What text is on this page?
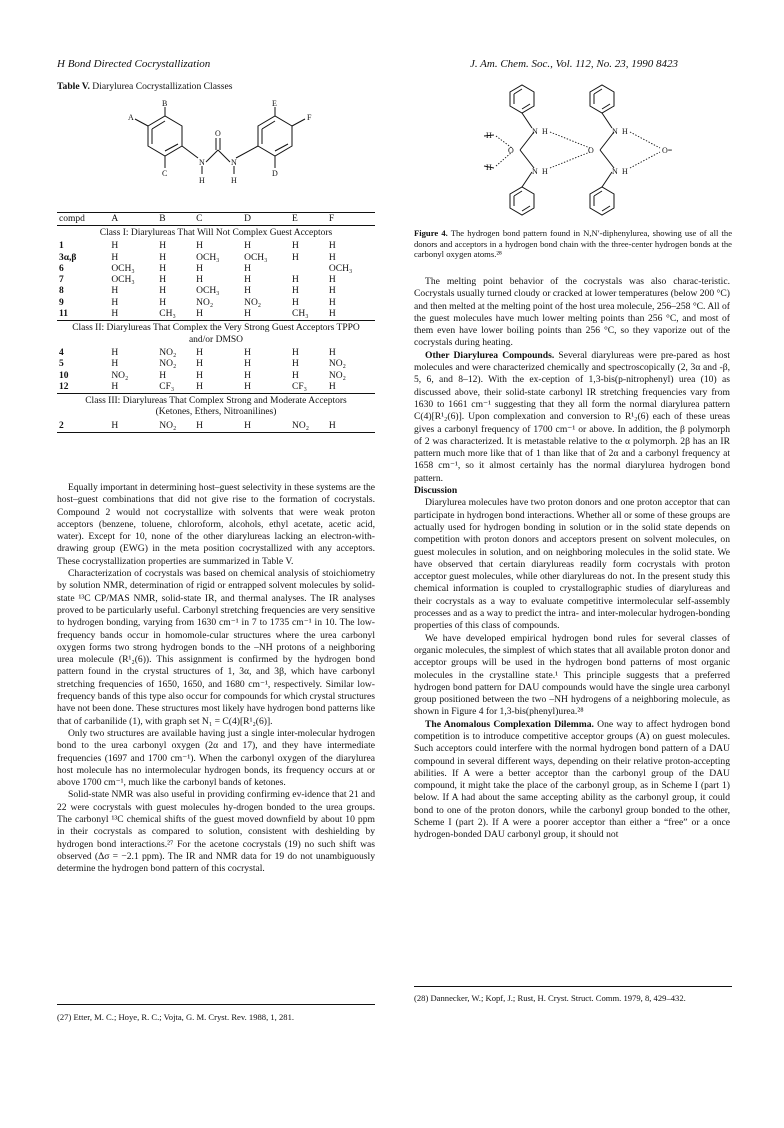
H Bond Directed Cocrystallization	J. Am. Chem. Soc., Vol. 112, No. 23, 1990 8423
Table V. Diarylurea Cocrystallization Classes
A
B
C
E
F
D
O
N	N
H	H
compd	A	B	C	D	E	F
Class I: Diarylureas That Will Not Complex Guest Acceptors						
1	H	H	H	H	H	H
3α,β	H	H	OCH₃	OCH₃	H	H
6	OCH₃	H	H	H		OCH₃
7	OCH₃	H	H	H	H	H
8	H	H	OCH₃	H	H	H
9	H	H	NO₂	NO₂	H	H
11	H	CH₃	H	H	CH₃	H
Class II: Diarylureas That Complex the Very Strong Guest Acceptors TPPO and/or DMSO						
4	H	NO₂	H	H	H	H
5	H	NO₂	H	H	H	NO₂
10	NO₂	H	H	H	H	NO₂
12	H	CF₃	H	H	CF₃	H
Class III: Diarylureas That Complex Strong and Moderate Acceptors (Ketones, Ethers, Nitroanilines)						
2	H	NO₂	H	H	NO₂	H
N H
N H
N H
N H
O	O	O=
H
H
Figure 4. The hydrogen bond pattern found in N,N′-diphenylurea, showing use of all the donors and acceptors in a hydrogen bond chain with the three-center hydrogen bonds at the carbonyl oxygen atoms.²⁸

Equally important in determining host–guest selectivity in these systems are the host–guest combinations that did not give rise to the formation of cocrystals. Compound 2 would not cocrystallize with solvents that were weak proton acceptors (benzene, toluene, chloroform, alcohols, ethyl acetate, acetic acid, water). Except for 10, none of the other diarylureas lacking an electron-with-drawing group (EWG) in the meta position cocrystallized with any acceptors. These cocrystallization properties are summarized in Table V.

Characterization of cocrystals was based on chemical analysis of stoichiometry by solution NMR, determination of rigid or entrapped solvent molecules by solid-state ¹³C CP/MAS NMR, solid-state IR, and thermal analyses. The IR analyses proved to be particularly useful. Carbonyl stretching frequencies are very sensitive to hydrogen bonding, varying from 1630 cm⁻¹ in 7 to 1735 cm⁻¹ in 10. The low-frequency bands occur in homomole-cular structures where the urea carbonyl oxygen forms two strong hydrogen bonds to the –NH protons of a neighboring urea molecule (R¹₂(6)). This assignment is confirmed by the hydrogen bond pattern found in the crystal structures of 1, 3α, and 3β, which have carbonyl stretching frequencies of 1650, 1650, and 1680 cm⁻¹, respectively. Similar low-frequency bands of this type also occur for compounds for which crystal structures have not been done. These structures most likely have hydrogen bond patterns like that of carbanilide (1), with graph set N₁ = C(4)[R¹₂(6)].

Only two structures are available having just a single inter-molecular hydrogen bond to the urea carbonyl oxygen (2α and 17), and they have intermediate frequencies (1697 and 1700 cm⁻¹). When the carbonyl oxygen of the diarylurea host molecule has no intermolecular hydrogen bonds, its frequency occurs at or above 1700 cm⁻¹, much like the carbonyl bands of ketones.

Solid-state NMR was also useful in providing confirming ev-idence that 21 and 22 were cocrystals with guest molecules hy-drogen bonded to the urea groups. The carbonyl ¹³C chemical shifts of the guest moved downfield by about 10 ppm in their cocrystals as compared to solution, consistent with deshielding by hydrogen bond interactions.²⁷ For the acetone cocrystals (19) no such shift was observed (Δσ = −2.1 ppm). The IR and NMR data for 19 do not unambiguously determine the hydrogen bond pattern of this cocrystal.

The melting point behavior of the cocrystals was also charac-teristic. Cocrystals usually turned cloudy or cracked at lower temperatures (below 200 °C) and then melted at the melting point of the host urea molecule, 256–258 °C. All of the guest molecules have much lower melting points than 256 °C, and most of them even have lower boiling points than 256 °C, so they vaporize out of the cocrystals during heating.

Other Diarylurea Compounds. Several diarylureas were pre-pared as host molecules and were characterized chemically and spectroscopically (2, 3α and -β, 5, 6, and 8–12). With the ex-ception of 1,3-bis(p-nitrophenyl) urea (10) as discussed above, their solid-state carbonyl IR stretching frequencies vary from 1630 to 1661 cm⁻¹ suggesting that they all form the normal diarylurea pattern C(4)[R¹₂(6)]. Upon complexation and conversion to R¹₂(6) each of these ureas gives a carbonyl frequency of 1700 cm⁻¹ or above. In addition, the β polymorph of 2 was characterized. It is metastable relative to the α polymorph. 2β has an IR pattern much more like that of 1 than like that of 2α and a carbonyl frequency at 1658 cm⁻¹, so it almost certainly has the normal diarylurea hydrogen bond pattern.

Discussion

Diarylurea molecules have two proton donors and one proton acceptor that can participate in hydrogen bond interactions. Whether all or some of these groups are actually used for hydrogen bonding in solution or in the solid state depends on competition with proton donors and acceptors present on solvent molecules, on guest molecules in solution, and on neighboring molecules in the solid state. We have observed that certain diarylureas readily form cocrystals with proton acceptor guest molecules, while other diarylureas do not. In the present study this chemical information is coupled to crystallographic studies of diarylureas and their cocrystals as a way to evaluate competitive intermolecular self-assembly processes and as a way to predict the intra- and inter-molecular hydrogen-bonding properties of this class of compounds.

We have developed empirical hydrogen bond rules for several classes of organic molecules, the simplest of which states that all available proton donor and acceptor groups will be used in the hydrogen bond patterns of most organic molecules in the crystalline state.¹ This principle suggests that a preferred hydrogen bond pattern for DAU compounds would have the single urea carbonyl group positioned between the two –NH hydrogens of a neighboring molecule, as shown in Figure 4 for 1,3-bis(phenyl)urea.²⁸

The Anomalous Complexation Dilemma. One way to affect hydrogen bond competition is to introduce competitive acceptor groups (A) on guest molecules. Such acceptors could interfere with the normal hydrogen bond pattern of a DAU compound in several different ways, depending on their relative proton-accepting abilities. If A were a better acceptor than the carbonyl group of the DAU compound, it might take the place of the carbonyl group, as in Scheme I (part 1) below. If A had about the same accepting ability as the carbonyl group, it could bond to one of the proton donors, while the carbonyl group bonded to the other, Scheme I (part 2). If A were a poorer acceptor than either a “free” or a once hydrogen-bonded DAU carbonyl group, it should not

(27) Etter, M. C.; Hoye, R. C.; Vojta, G. M. Cryst. Rev. 1988, 1, 281.
(28) Dannecker, W.; Kopf, J.; Rust, H. Cryst. Struct. Comm. 1979, 8, 429–432.
